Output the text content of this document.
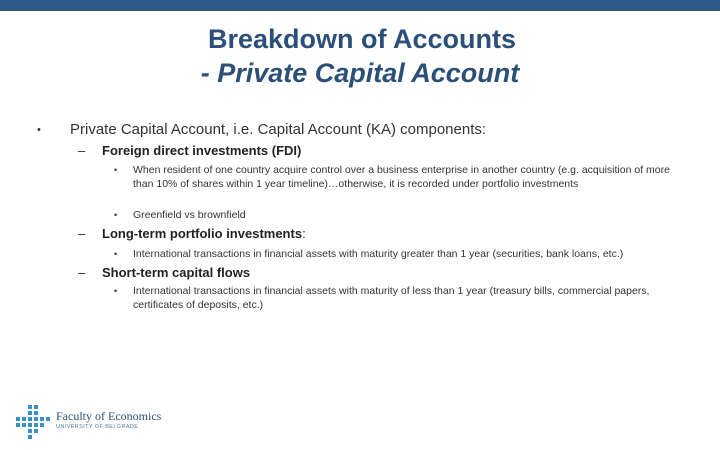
Breakdown of Accounts
- Private Capital Account
• Private Capital Account, i.e. Capital Account (KA) components:
– Foreign direct investments (FDI)
• When resident of one country acquire control over a business enterprise in another country (e.g. acquisition of more than 10% of shares within 1 year timeline)…otherwise, it is recorded under portfolio investments
• Greenfield vs brownfield
– Long-term portfolio investments:
• International transactions in financial assets with maturity greater than 1 year (securities, bank loans, etc.)
– Short-term capital flows
• International transactions in financial assets with maturity of less than 1 year (treasury bills, commercial papers, certificates of deposits, etc.)
Faculty of Economics
UNIVERSITY OF BELGRADE
